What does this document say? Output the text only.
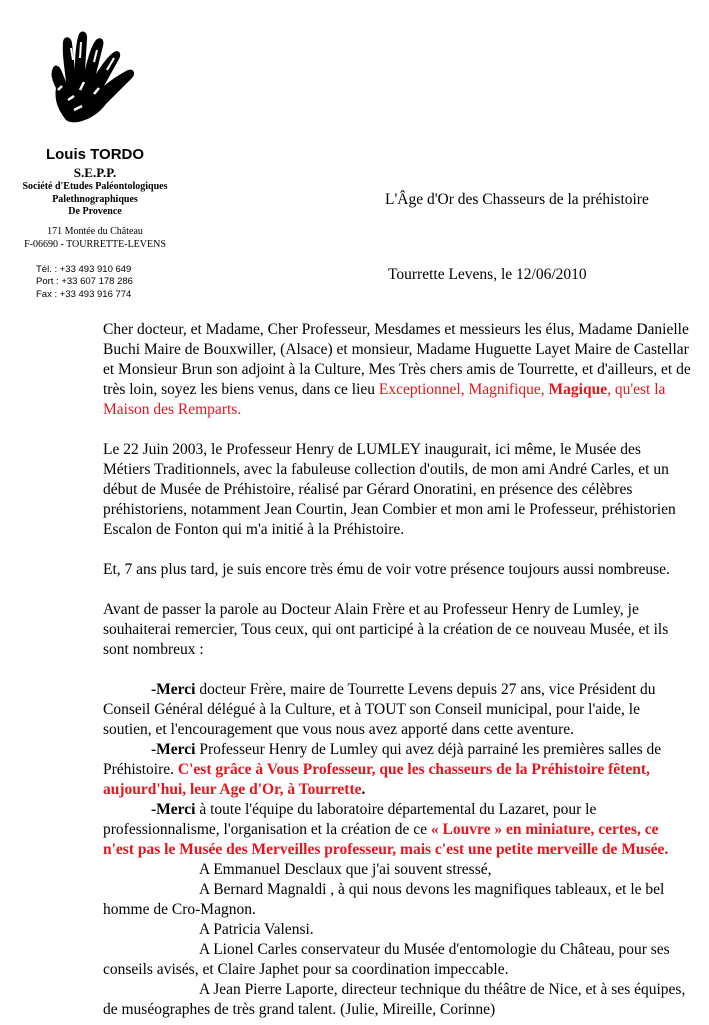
Louis TORDO
S.E.P.P.
Société d'Etudes Paléontologiques
Palethnographiques
De Provence
171 Montée du Château
F-06690 - TOURRETTE-LEVENS
Tél. : +33 493 910 649
Port : +33 607 178 286
Fax : +33 493 916 774
L'Âge d'Or des Chasseurs de la préhistoire
Tourrette Levens, le 12/06/2010

Cher docteur, et Madame, Cher Professeur, Mesdames et messieurs les élus, Madame Danielle Buchi Maire de Bouxwiller, (Alsace) et monsieur, Madame Huguette Layet Maire de Castellar et Monsieur Brun son adjoint à la Culture, Mes Très chers amis de Tourrette, et d'ailleurs, et de très loin, soyez les biens venus, dans ce lieu Exceptionnel, Magnifique, Magique, qu'est la Maison des Remparts.

Le 22 Juin 2003, le Professeur Henry de LUMLEY inaugurait, ici même, le Musée des Métiers Traditionnels, avec la fabuleuse collection d'outils, de mon ami André Carles, et un début de Musée de Préhistoire, réalisé par Gérard Onoratini, en présence des célèbres préhistoriens, notamment Jean Courtin, Jean Combier et mon ami le Professeur, préhistorien Escalon de Fonton qui m'a initié à la Préhistoire.

Et, 7 ans plus tard, je suis encore très ému de voir votre présence toujours aussi nombreuse.

Avant de passer la parole au Docteur Alain Frère et au Professeur Henry de Lumley, je souhaiterai remercier, Tous ceux, qui ont participé à la création de ce nouveau Musée, et ils sont nombreux :

-Merci docteur Frère, maire de Tourrette Levens depuis 27 ans, vice Président du Conseil Général délégué à la Culture, et à TOUT son Conseil municipal, pour l'aide, le soutien, et l'encouragement que vous nous avez apporté dans cette aventure.
-Merci Professeur Henry de Lumley qui avez déjà parrainé les premières salles de Préhistoire. C'est grâce à Vous Professeur, que les chasseurs de la Préhistoire fêtent, aujourd'hui, leur Age d'Or, à Tourrette.
-Merci à toute l'équipe du laboratoire départemental du Lazaret, pour le professionnalisme, l'organisation et la création de ce « Louvre » en miniature, certes, ce n'est pas le Musée des Merveilles professeur, mais c'est une petite merveille de Musée.
A Emmanuel Desclaux que j'ai souvent stressé,
A Bernard Magnaldi , à qui nous devons les magnifiques tableaux, et le bel homme de Cro-Magnon.
A Patricia Valensi.
A Lionel Carles conservateur du Musée d'entomologie du Château, pour ses conseils avisés, et Claire Japhet pour sa coordination impeccable.
A Jean Pierre Laporte, directeur technique du théâtre de Nice, et à ses équipes, de muséographes de très grand talent. (Julie, Mireille, Corinne)
